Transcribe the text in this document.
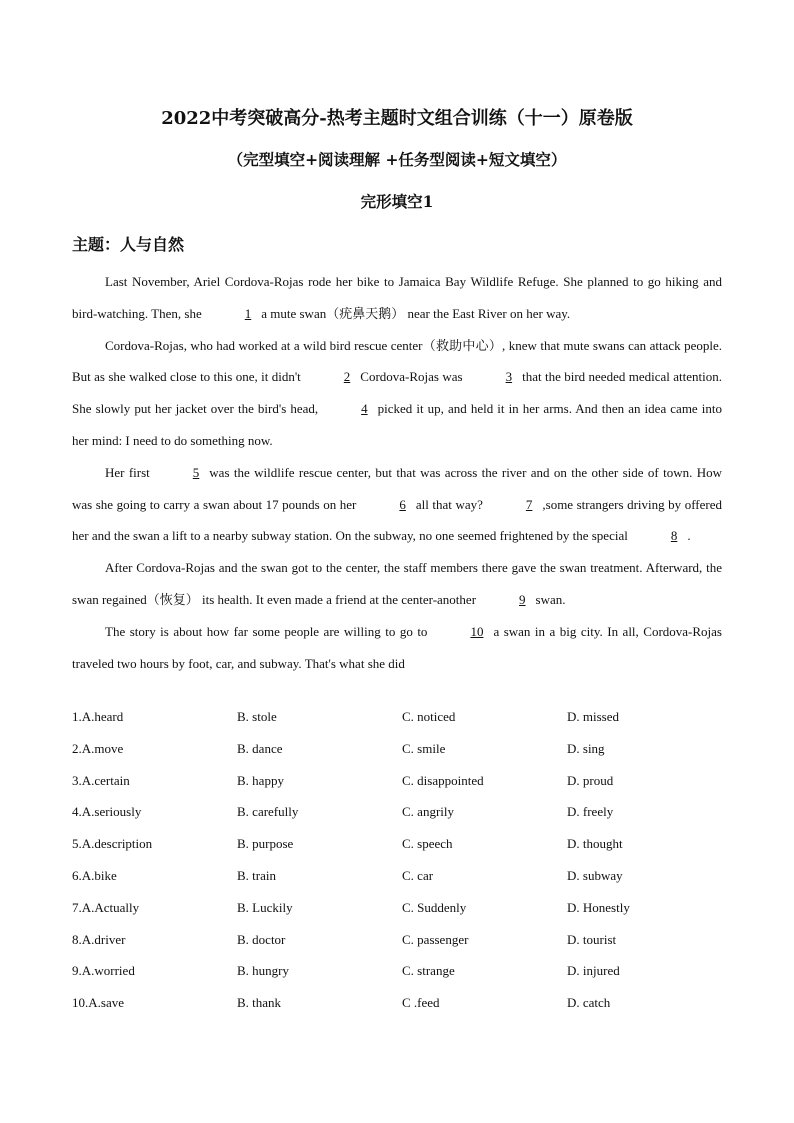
2022中考突破高分-热考主题时文组合训练（十一）原卷版
（完型填空+阅读理解 +任务型阅读+短文填空）
完形填空1
主题：人与自然

Last November, Ariel Cordova-Rojas rode her bike to Jamaica Bay Wildlife Refuge. She planned to go hiking and bird-watching. Then, she	1 a mute swan（疣鼻天鹅） near the East River on her way.

Cordova-Rojas, who had worked at a wild bird rescue center（救助中心）, knew that mute swans can attack people. But as she walked close to this one, it didn't	2 Cordova-Rojas was	3 that the bird needed medical attention. She slowly put her jacket over the bird's head,	4 picked it up, and held it in her arms. And then an idea came into her mind: I need to do something now.

Her first	5 was the wildlife rescue center, but that was across the river and on the other side of town. How was she going to carry a swan about 17 pounds on her	6 all that way?	7 ,some strangers driving by offered her and the swan a lift to a nearby subway station. On the subway, no one seemed frightened by the special	8 .

After Cordova-Rojas and the swan got to the center, the staff members there gave the swan treatment. Afterward, the swan regained（恢复） its health. It even made a friend at the center-another	9 swan.

The story is about how far some people are willing to go to	10 a swan in a big city. In all, Cordova-Rojas traveled two hours by foot, car, and subway. That's what she did

1.A.heard	B. stole	C. noticed	D. missed
2.A.move	B. dance	C. smile	D. sing
3.A.certain	B. happy	C. disappointed	D. proud
4.A.seriously	B. carefully	C. angrily	D. freely
5.A.description	B. purpose	C. speech	D. thought
6.A.bike	B. train	C. car	D. subway
7.A.Actually	B. Luckily	C. Suddenly	D. Honestly
8.A.driver	B. doctor	C. passenger	D. tourist
9.A.worried	B. hungry	C. strange	D. injured
10.A.save	B. thank	C .feed	D. catch
